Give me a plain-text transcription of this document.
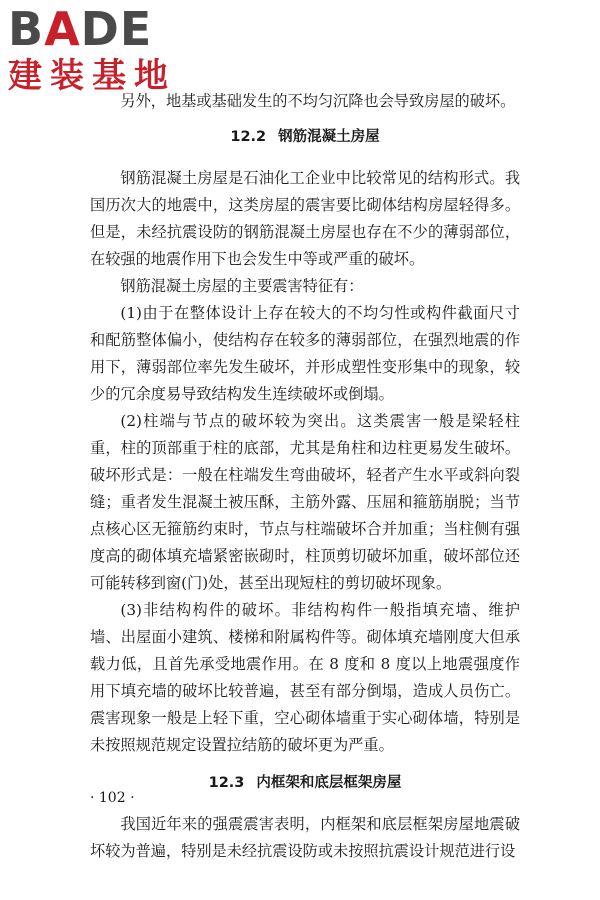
B A DE
建装基地

另外，地基或基础发生的不均匀沉降也会导致房屋的破坏。

12.2 钢筋混凝土房屋

钢筋混凝土房屋是石油化工企业中比较常见的结构形式。我国历次大的地震中，这类房屋的震害要比砌体结构房屋轻得多。但是，未经抗震设防的钢筋混凝土房屋也存在不少的薄弱部位，在较强的地震作用下也会发生中等或严重的破坏。

钢筋混凝土房屋的主要震害特征有：

(1)由于在整体设计上存在较大的不均匀性或构件截面尺寸和配筋整体偏小，使结构存在较多的薄弱部位，在强烈地震的作用下，薄弱部位率先发生破坏，并形成塑性变形集中的现象，较少的冗余度易导致结构发生连续破坏或倒塌。

(2)柱端与节点的破坏较为突出。这类震害一般是梁轻柱重，柱的顶部重于柱的底部，尤其是角柱和边柱更易发生破坏。破坏形式是：一般在柱端发生弯曲破坏，轻者产生水平或斜向裂缝；重者发生混凝土被压酥，主筋外露、压屈和箍筋崩脱；当节点核心区无箍筋约束时，节点与柱端破坏合并加重；当柱侧有强度高的砌体填充墙紧密嵌砌时，柱顶剪切破坏加重，破坏部位还可能转移到窗(门)处，甚至出现短柱的剪切破坏现象。

(3)非结构构件的破坏。非结构构件一般指填充墙、维护墙、出屋面小建筑、楼梯和附属构件等。砌体填充墙刚度大但承载力低，且首先承受地震作用。在 8 度和 8 度以上地震强度作用下填充墙的破坏比较普遍，甚至有部分倒塌，造成人员伤亡。震害现象一般是上轻下重，空心砌体墙重于实心砌体墙，特别是未按照规范规定设置拉结筋的破坏更为严重。

12.3 内框架和底层框架房屋

我国近年来的强震震害表明，内框架和底层框架房屋地震破坏较为普遍，特别是未经抗震设防或未按照抗震设计规范进行设

· 102 ·
